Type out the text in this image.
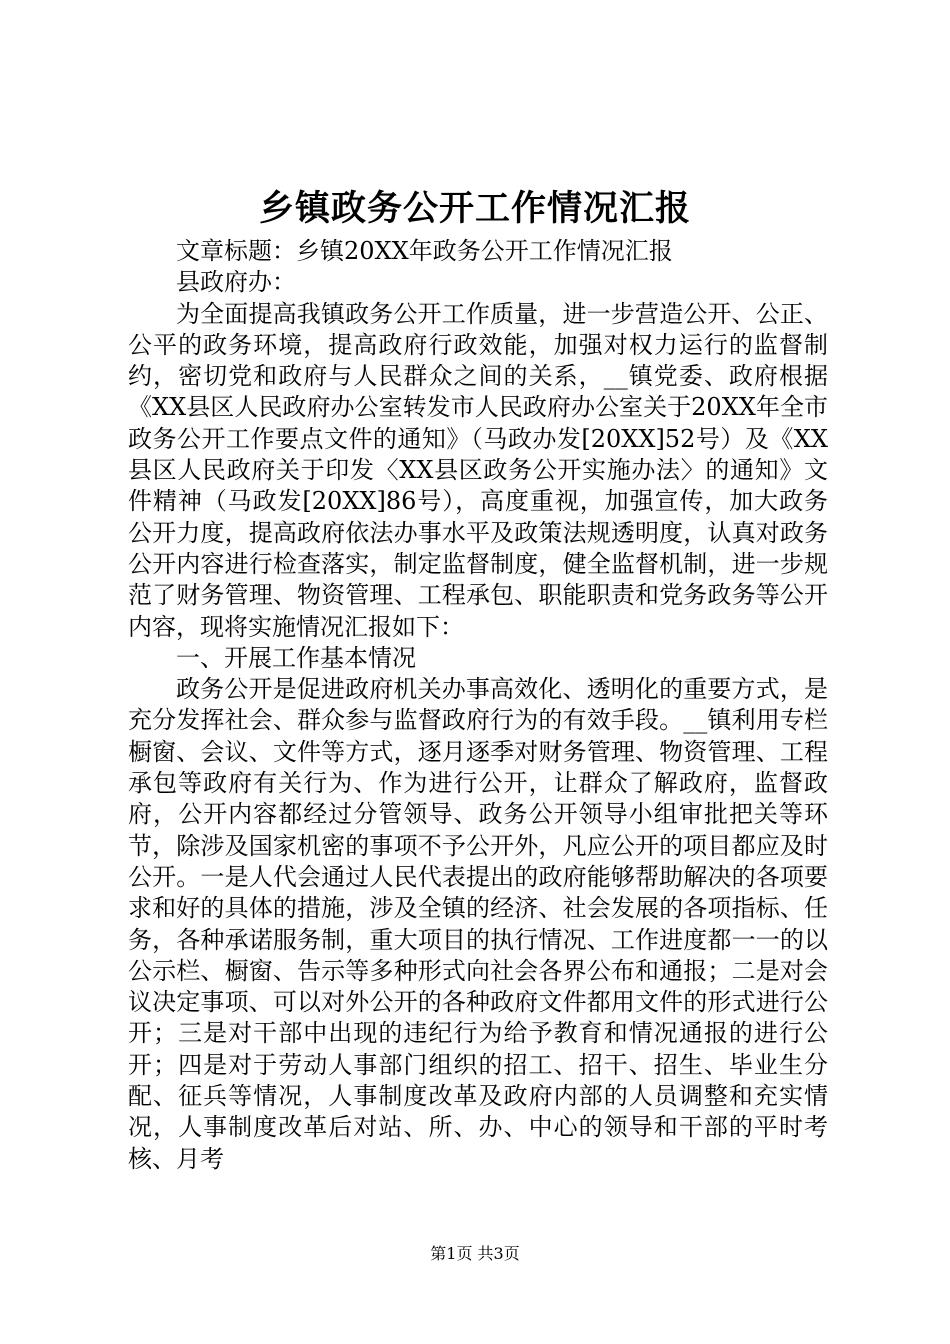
乡镇政务公开工作情况汇报

文章标题：乡镇20XX年政务公开工作情况汇报

县政府办：

为全面提高我镇政务公开工作质量，进一步营造公开、公正、公平的政务环境，提高政府行政效能，加强对权力运行的监督制约，密切党和政府与人民群众之间的关系，__镇党委、政府根据《XX县区人民政府办公室转发市人民政府办公室关于20XX年全市政务公开工作要点文件的通知》（马政办发[20XX]52号）及《XX县区人民政府关于印发〈XX县区政务公开实施办法〉的通知》文件精神（马政发[20XX]86号），高度重视，加强宣传，加大政务公开力度，提高政府依法办事水平及政策法规透明度，认真对政务公开内容进行检查落实，制定监督制度，健全监督机制，进一步规范了财务管理、物资管理、工程承包、职能职责和党务政务等公开内容，现将实施情况汇报如下：

一、开展工作基本情况

政务公开是促进政府机关办事高效化、透明化的重要方式，是充分发挥社会、群众参与监督政府行为的有效手段。__镇利用专栏橱窗、会议、文件等方式，逐月逐季对财务管理、物资管理、工程承包等政府有关行为、作为进行公开，让群众了解政府，监督政府，公开内容都经过分管领导、政务公开领导小组审批把关等环节，除涉及国家机密的事项不予公开外，凡应公开的项目都应及时公开。一是人代会通过人民代表提出的政府能够帮助解决的各项要求和好的具体的措施，涉及全镇的经济、社会发展的各项指标、任务，各种承诺服务制，重大项目的执行情况、工作进度都一一的以公示栏、橱窗、告示等多种形式向社会各界公布和通报；二是对会议决定事项、可以对外公开的各种政府文件都用文件的形式进行公开；三是对干部中出现的违纪行为给予教育和情况通报的进行公开；四是对于劳动人事部门组织的招工、招干、招生、毕业生分配、征兵等情况，人事制度改革及政府内部的人员调整和充实情况，人事制度改革后对站、所、办、中心的领导和干部的平时考核、月考

第1页 共3页
